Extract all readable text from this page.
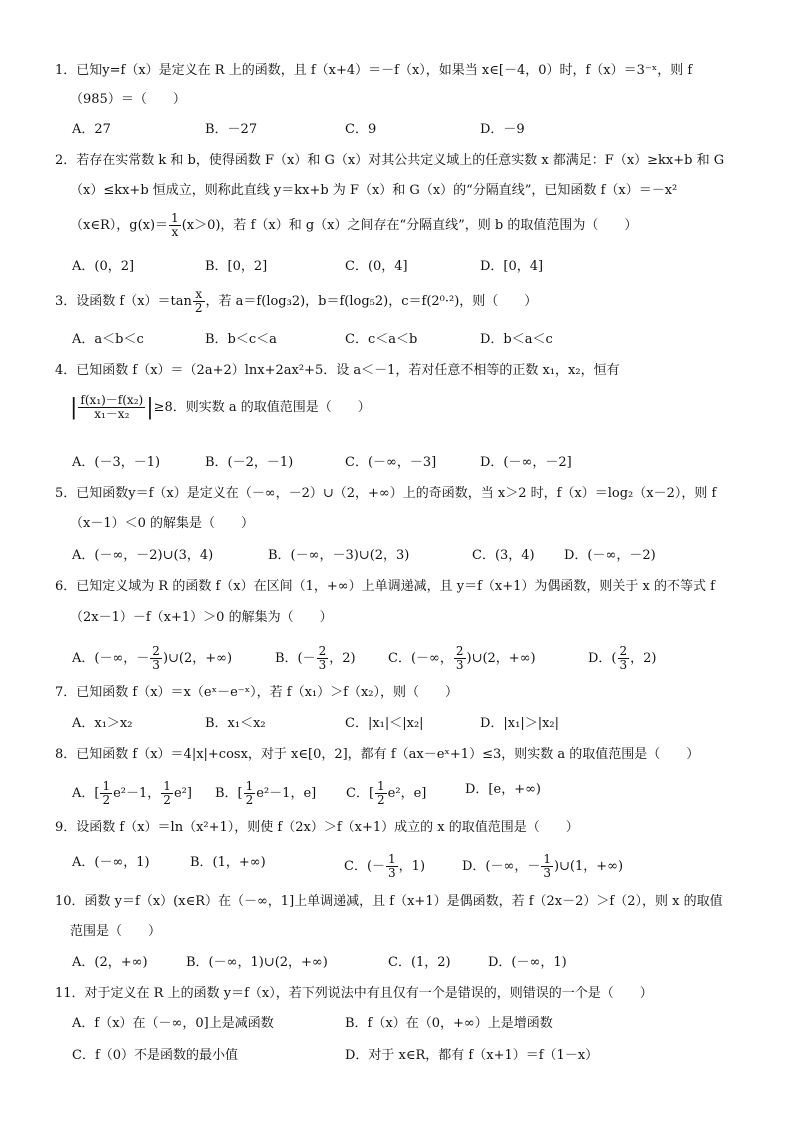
1．已知y=f（x）是定义在 R 上的函数，且 f（x+4）＝－f（x），如果当 x∈[－4，0）时，f（x）＝3⁻ˣ，则 f
（985）＝（　　）
A．27	B．－27	C．9	D．－9
2．若存在实常数 k 和 b，使得函数 F（x）和 G（x）对其公共定义域上的任意实数 x 都满足：F（x）≥kx+b 和 G
（x）≤kx+b 恒成立，则称此直线 y＝kx+b 为 F（x）和 G（x）的“分隔直线”，已知函数 f（x）＝－x²
（x∈R），$g(x)= \frac{1}{x} (x>0)$，若 f（x）和 g（x）之间存在“分隔直线”，则 b 的取值范围为（　　）
A．(0，2]	B．[0，2]	C．(0，4]	D．[0，4]
3．设函数 $f(x)=\tan \frac{x}{2}$ ，若 a＝f(log₃2)，b＝f(log₅2)，c＝f(2⁰·²)，则（　　）
A．a＜b＜c	B．b＜c＜a	C．c＜a＜b	D．b＜a＜c
4．已知函数 f（x）＝（2a+2）lnx+2ax²+5．设 a＜－1，若对任意不相等的正数 x₁，x₂，恒有
| $\frac{\text{f(x₁)－f(x₂)}}{\text{x₁－x₂}} |\ge 8$．则实数 a 的取值范围是（　　）
A．(－3，－1)	B．(－2，－1)	C．(－∞，－3]	D．(－∞，－2]
5．已知函数y＝f（x）是定义在（－∞，－2）∪（2，+∞）上的奇函数，当 x＞2 时，f（x）＝log₂（x－2），则 f
（x－1）＜0 的解集是（　　）
A．(－∞，－2)∪(3，4)	B．(－∞，－3)∪(2，3)	C．(3，4) D．(－∞，－2)
6．已知定义域为 R 的函数 f（x）在区间（1，+∞）上单调递减，且 y＝f（x+1）为偶函数，则关于 x 的不等式 f
（2x－1）－f（x+1）＞0 的解集为（　　）
A．(－∞，－ $\frac{2}{3}$ )∪(2，+∞)	B．(－ $\frac{2}{3}$ ，2) C．(－∞， $\frac{2}{3}$ )∪(2，+∞)	D．( $\frac{2}{3}$ ，2)
7．已知函数 f（x）＝x（eˣ－e⁻ˣ），若 f（x₁）＞f（x₂），则（　　）
A．x₁＞x₂	B．x₁＜x₂	C．|x₁|＜|x₂|	D．|x₁|＞|x₂|
8．已知函数 f（x）＝4|x|+cosx，对于 x∈[0，2]，都有 f（ax－eˣ+1）≤3，则实数 a 的取值范围是（　　）
A．[ $\frac{1}{2} e^2-1$， $\frac{1}{2} e^2$] B．[ $\frac{1}{2} e^2-1$，e] C．[ $\frac{1}{2} e^2$，e]	D．[e，+∞)
9．设函数 f（x）＝ln（x²+1），则使 f（2x）＞f（x+1）成立的 x 的取值范围是（　　）
A．(－∞，1)	B．(1，+∞)	C．(－ $\frac{1}{3}$ ，1)	D．(－∞，－ $\frac{1}{3}$ )∪(1，+∞)
10．函数 y＝f（x）(x∈R）在（－∞，1]上单调递减，且 f（x+1）是偶函数，若 f（2x－2）＞f（2），则 x 的取值
范围是（　　）
A．(2，+∞)	B．(－∞，1)∪(2，+∞)	C．(1，2)	D．(－∞，1)
11．对于定义在 R 上的函数 y＝f（x），若下列说法中有且仅有一个是错误的，则错误的一个是（　　）
A．f（x）在（－∞，0]上是减函数	B．f（x）在（0，+∞）上是增函数
C．f（0）不是函数的最小值	D．对于 x∈R，都有 f（x+1）＝f（1－x）
